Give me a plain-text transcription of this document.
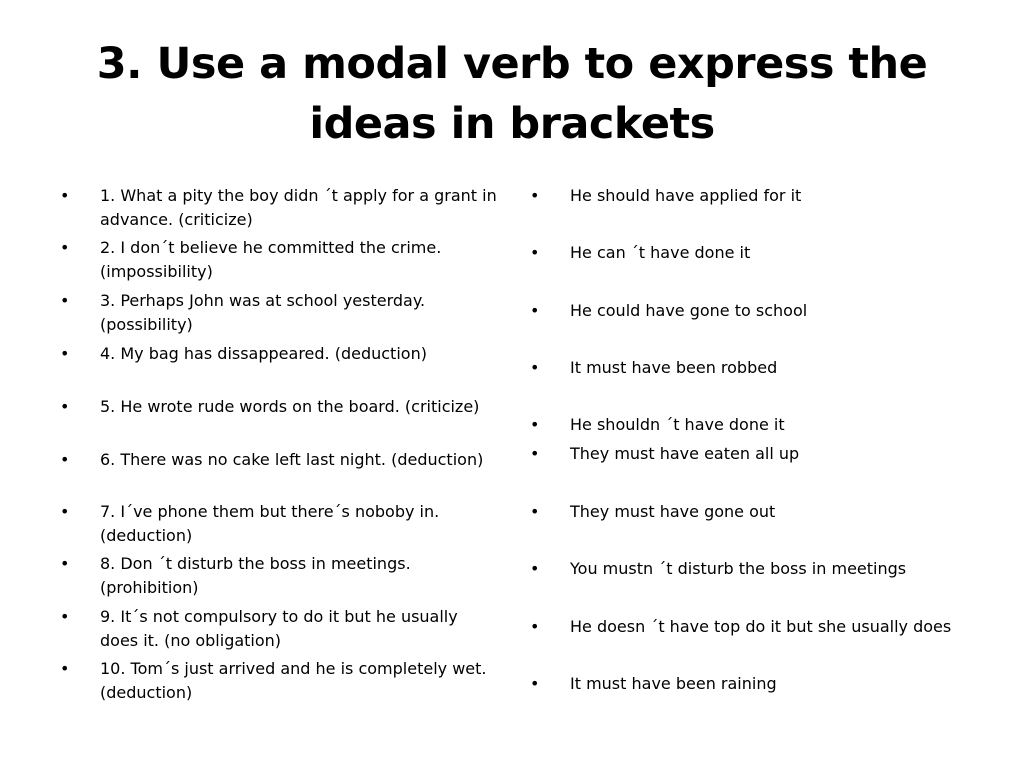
3. Use a modal verb to express the ideas in brackets
• 1. What a pity the boy didn ´t apply for a grant in advance. (criticize)
• 2. I don´t believe he committed the crime. (impossibility)
• 3. Perhaps John was at school yesterday. (possibility)
• 4. My bag has dissappeared. (deduction)
• 5. He wrote rude words on the board. (criticize)
• 6. There was no cake left last night. (deduction)
• 7. I´ve phone them but there´s noboby in. (deduction)
• 8. Don ´t disturb the boss in meetings. (prohibition)
• 9. It´s not compulsory to do it but he usually does it. (no obligation)
• 10. Tom´s just arrived and he is completely wet. (deduction)
• He should have applied for it
• He can ´t have done it
• He could have gone to school
• It must have been robbed
• He shouldn ´t have done it
• They must have eaten all up
• They must have gone out
• You mustn ´t disturb the boss in meetings
• He doesn ´t have top do it but she usually does
• It must have been raining
